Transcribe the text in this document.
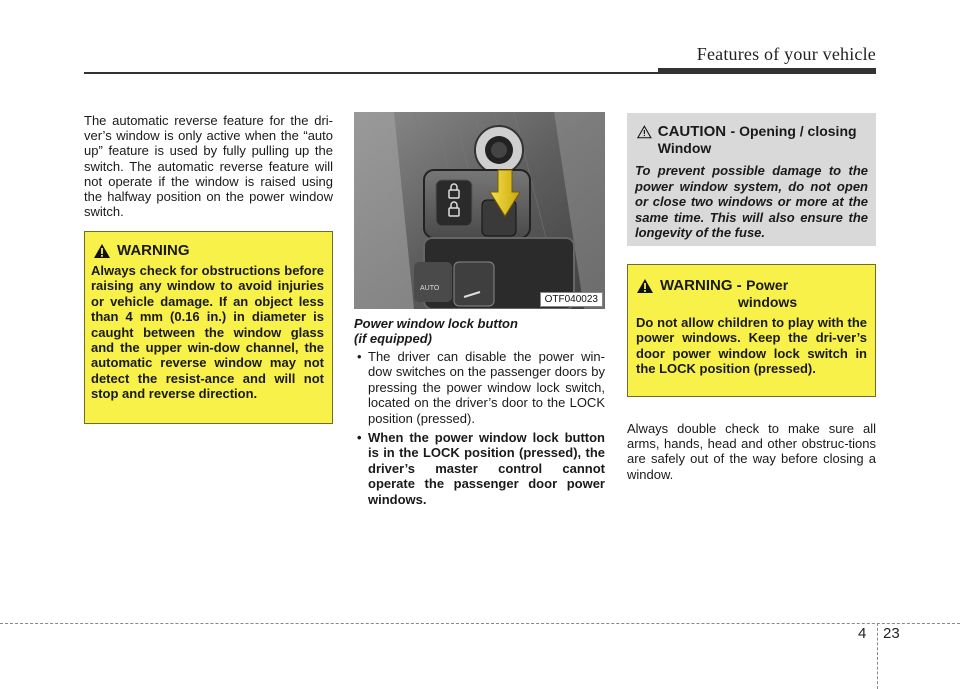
Features of your vehicle

The automatic reverse feature for the dri-ver’s window is only active when the “auto up” feature is used by fully pulling up the switch. The automatic reverse feature will not operate if the window is raised using the halfway position on the power window switch.

WARNING

Always check for obstructions before raising any window to avoid injuries or vehicle damage. If an object less than 4 mm (0.16 in.) in diameter is caught between the window glass and the upper win-dow channel, the automatic reverse window may not detect the resist-ance and will not stop and reverse direction.

AUTO
OTF040023
Power window lock button
(if equipped)

• The driver can disable the power win-dow switches on the passenger doors by pressing the power window lock switch, located on the driver’s door to the LOCK position (pressed).

• When the power window lock button is in the LOCK position (pressed), the driver’s master control cannot operate the passenger door power windows.

CAUTION - Opening / closing Window

To prevent possible damage to the power window system, do not open or close two windows or more at the same time. This will also ensure the longevity of the fuse.

WARNING - Power
windows

Do not allow children to play with the power windows. Keep the dri-ver’s door power window lock switch in the LOCK position (pressed).

Always double check to make sure all arms, hands, head and other obstruc-tions are safely out of the way before closing a window.

4 23
